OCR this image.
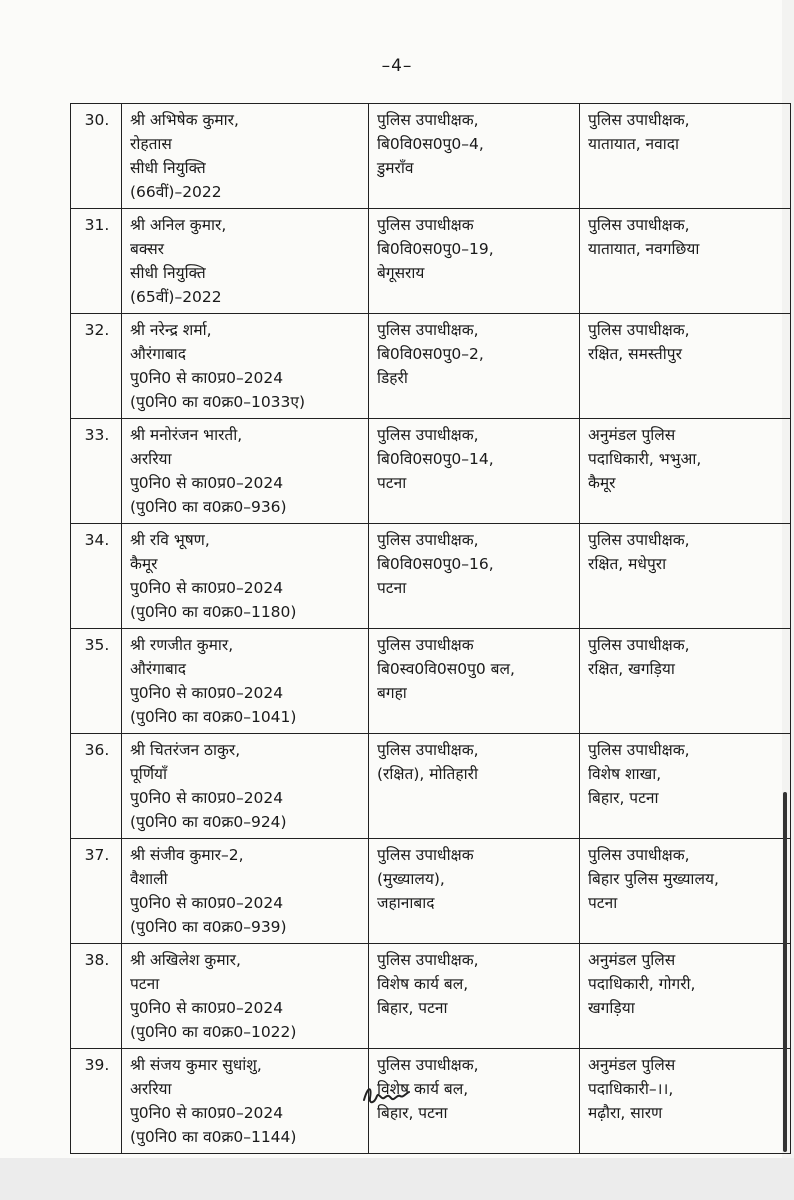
–4–
30.	श्री अभिषेक कुमार,
रोहतास
सीधी नियुक्ति
(66वीं)–2022	पुलिस उपाधीक्षक,
बि0वि0स0पु0–4,
डुमराँव	पुलिस उपाधीक्षक,
यातायात, नवादा

31.	श्री अनिल कुमार,
बक्सर
सीधी नियुक्ति
(65वीं)–2022	पुलिस उपाधीक्षक
बि0वि0स0पु0–19,
बेगूसराय	पुलिस उपाधीक्षक,
यातायात, नवगछिया

32.	श्री नरेन्द्र शर्मा,
औरंगाबाद
पु0नि0 से का0प्र0–2024
(पु0नि0 का व0क्र0–1033ए)	पुलिस उपाधीक्षक,
बि0वि0स0पु0–2,
डिहरी	पुलिस उपाधीक्षक,
रक्षित, समस्तीपुर

33.	श्री मनोरंजन भारती,
अररिया
पु0नि0 से का0प्र0–2024
(पु0नि0 का व0क्र0–936)	पुलिस उपाधीक्षक,
बि0वि0स0पु0–14,
पटना	अनुमंडल पुलिस
पदाधिकारी, भभुआ,
कैमूर

34.	श्री रवि भूषण,
कैमूर
पु0नि0 से का0प्र0–2024
(पु0नि0 का व0क्र0–1180)	पुलिस उपाधीक्षक,
बि0वि0स0पु0–16,
पटना	पुलिस उपाधीक्षक,
रक्षित, मधेपुरा

35.	श्री रणजीत कुमार,
औरंगाबाद
पु0नि0 से का0प्र0–2024
(पु0नि0 का व0क्र0–1041)	पुलिस उपाधीक्षक
बि0स्व0वि0स0पु0 बल,
बगहा	पुलिस उपाधीक्षक,
रक्षित, खगड़िया

36.	श्री चितरंजन ठाकुर,
पूर्णियाँ
पु0नि0 से का0प्र0–2024
(पु0नि0 का व0क्र0–924)	पुलिस उपाधीक्षक,
(रक्षित), मोतिहारी	पुलिस उपाधीक्षक,
विशेष शाखा,
बिहार, पटना

37.	श्री संजीव कुमार–2,
वैशाली
पु0नि0 से का0प्र0–2024
(पु0नि0 का व0क्र0–939)	पुलिस उपाधीक्षक
(मुख्यालय),
जहानाबाद	पुलिस उपाधीक्षक,
बिहार पुलिस मुख्यालय,
पटना

38.	श्री अखिलेश कुमार,
पटना
पु0नि0 से का0प्र0–2024
(पु0नि0 का व0क्र0–1022)	पुलिस उपाधीक्षक,
विशेष कार्य बल,
बिहार, पटना	अनुमंडल पुलिस
पदाधिकारी, गोगरी,
खगड़िया

39.	श्री संजय कुमार सुधांशु,
अररिया
पु0नि0 से का0प्र0–2024
(पु0नि0 का व0क्र0–1144)	पुलिस उपाधीक्षक,
विशेष कार्य बल,
बिहार, पटना	अनुमंडल पुलिस
पदाधिकारी–।।,
मढ़ौरा, सारण
